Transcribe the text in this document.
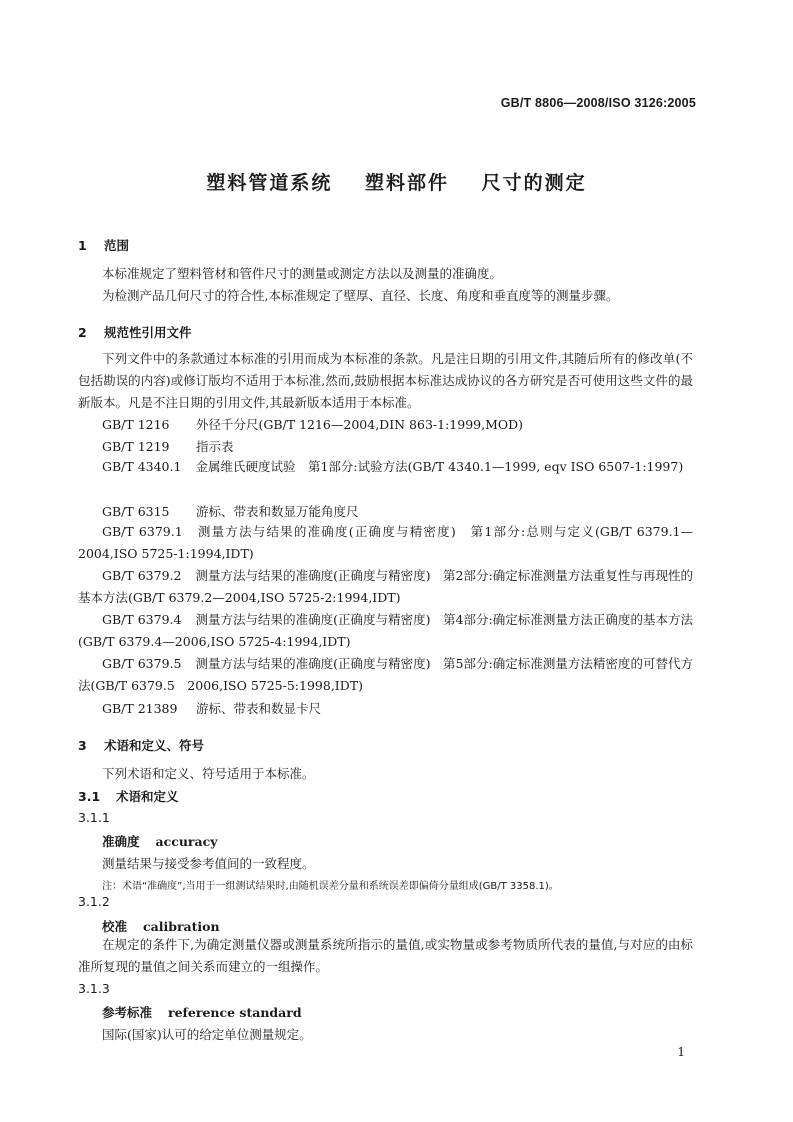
GB/T 8806—2008/ISO 3126:2005
塑料管道系统 塑料部件 尺寸的测定
1 范围
本标准规定了塑料管材和管件尺寸的测量或测定方法以及测量的准确度。
为检测产品几何尺寸的符合性,本标准规定了壁厚、直径、长度、角度和垂直度等的测量步骤。
2 规范性引用文件
下列文件中的条款通过本标准的引用而成为本标准的条款。凡是注日期的引用文件,其随后所有的修改单(不包括勘误的内容)或修订版均不适用于本标准,然而,鼓励根据本标准达成协议的各方研究是否可使用这些文件的最新版本。凡是不注日期的引用文件,其最新版本适用于本标准。
GB/T 1216 外径千分尺(GB/T 1216—2004,DIN 863-1:1999,MOD)
GB/T 1219 指示表
GB/T 4340.1 金属维氏硬度试验　第1部分:试验方法(GB/T 4340.1—1999, eqv ISO 6507-1:1997)
GB/T 6315 游标、带表和数显万能角度尺
GB/T 6379.1 测量方法与结果的准确度(正确度与精密度)　第1部分:总则与定义(GB/T 6379.1—2004,ISO 5725-1:1994,IDT)
GB/T 6379.2 测量方法与结果的准确度(正确度与精密度)　第2部分:确定标准测量方法重复性与再现性的基本方法(GB/T 6379.2—2004,ISO 5725-2:1994,IDT)
GB/T 6379.4 测量方法与结果的准确度(正确度与精密度)　第4部分:确定标准测量方法正确度的基本方法(GB/T 6379.4—2006,ISO 5725-4:1994,IDT)
GB/T 6379.5 测量方法与结果的准确度(正确度与精密度)　第5部分:确定标准测量方法精密度的可替代方法(GB/T 6379.5　2006,ISO 5725-5:1998,IDT)
GB/T 21389 游标、带表和数显卡尺
3 术语和定义、符号
下列术语和定义、符号适用于本标准。
3.1 术语和定义
3.1.1
准确度 accuracy
测量结果与接受参考值间的一致程度。
注：术语“准确度”,当用于一组测试结果时,由随机误差分量和系统误差即偏倚分量组成(GB/T 3358.1)。
3.1.2
校准 calibration
在规定的条件下,为确定测量仪器或测量系统所指示的量值,或实物量或参考物质所代表的量值,与对应的由标准所复现的量值之间关系而建立的一组操作。
3.1.3
参考标准 reference standard
国际(国家)认可的给定单位测量规定。
1
